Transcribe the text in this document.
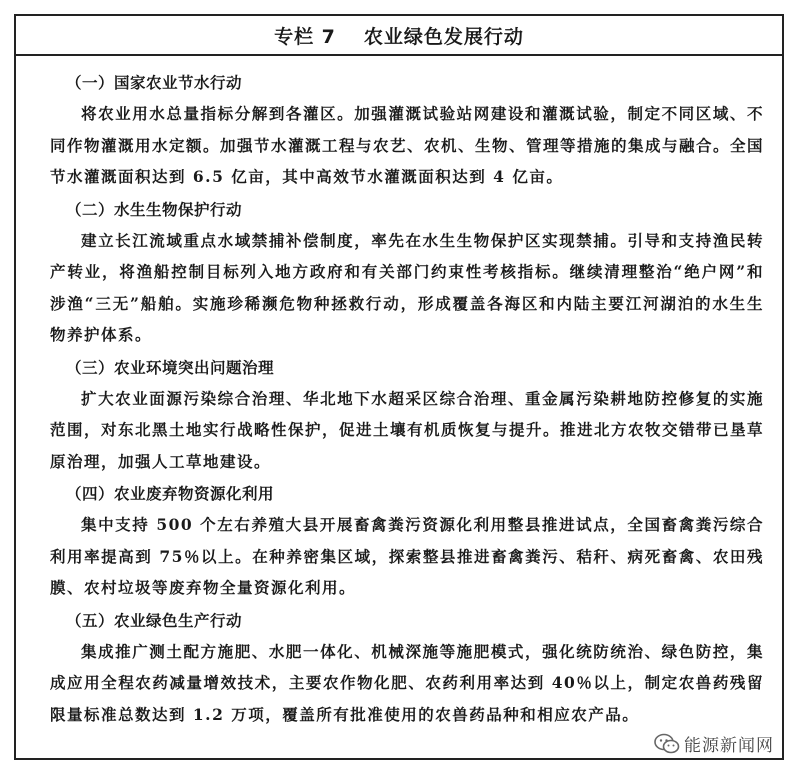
专栏 7 农业绿色发展行动
（一）国家农业节水行动

将农业用水总量指标分解到各灌区。加强灌溉试验站网建设和灌溉试验，制定不同区域、不同作物灌溉用水定额。加强节水灌溉工程与农艺、农机、生物、管理等措施的集成与融合。全国节水灌溉面积达到 6.5 亿亩，其中高效节水灌溉面积达到 4 亿亩。

（二）水生生物保护行动

建立长江流域重点水域禁捕补偿制度，率先在水生生物保护区实现禁捕。引导和支持渔民转产转业，将渔船控制目标列入地方政府和有关部门约束性考核指标。继续清理整治“绝户网”和涉渔“三无”船舶。实施珍稀濒危物种拯救行动，形成覆盖各海区和内陆主要江河湖泊的水生生物养护体系。

（三）农业环境突出问题治理

扩大农业面源污染综合治理、华北地下水超采区综合治理、重金属污染耕地防控修复的实施范围，对东北黑土地实行战略性保护，促进土壤有机质恢复与提升。推进北方农牧交错带已垦草原治理，加强人工草地建设。

（四）农业废弃物资源化利用

集中支持 500 个左右养殖大县开展畜禽粪污资源化利用整县推进试点，全国畜禽粪污综合利用率提高到 75％以上。在种养密集区域，探索整县推进畜禽粪污、秸秆、病死畜禽、农田残膜、农村垃圾等废弃物全量资源化利用。

（五）农业绿色生产行动

集成推广测土配方施肥、水肥一体化、机械深施等施肥模式，强化统防统治、绿色防控，集成应用全程农药减量增效技术，主要农作物化肥、农药利用率达到 40％以上，制定农兽药残留限量标准总数达到 1.2 万项，覆盖所有批准使用的农兽药品种和相应农产品。

能源新闻网
